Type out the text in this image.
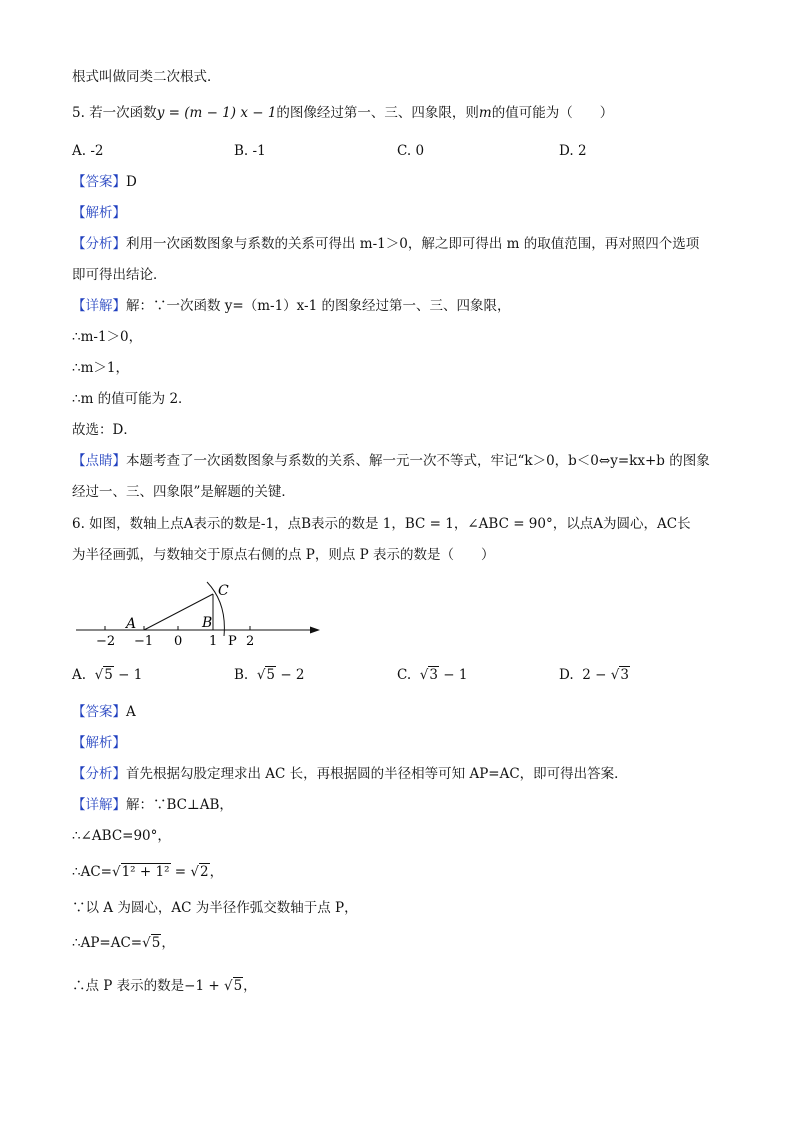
根式叫做同类二次根式．
5. 若一次函数y = (m − 1) x − 1的图像经过第一、三、四象限，则m的值可能为（　　）
A. -2	B. -1	C. 0	D. 2
【答案】D
【解析】
【分析】利用一次函数图象与系数的关系可得出 m-1＞0，解之即可得出 m 的取值范围，再对照四个选项
即可得出结论．
【详解】解：∵一次函数 y=（m-1）x-1 的图象经过第一、三、四象限，
∴m-1＞0，
∴m＞1，
∴m 的值可能为 2．
故选：D．
【点睛】本题考查了一次函数图象与系数的关系、解一元一次不等式，牢记“k＞0，b＜0⇔y=kx+b 的图象
经过一、三、四象限”是解题的关键．
6. 如图，数轴上点A表示的数是-1，点B表示的数是 1，BC = 1，∠ABC = 90°，以点A为圆心，AC长
为半径画弧，与数轴交于原点右侧的点 P，则点 P 表示的数是（　　）
−2 −1 0 1 2
A	B
C
P
A. √5 − 1	B. √5 − 2	C. √3 − 1	D. 2 − √3
【答案】A
【解析】
【分析】首先根据勾股定理求出 AC 长，再根据圆的半径相等可知 AP=AC，即可得出答案．
【详解】解：∵BC⊥AB，
∴∠ABC=90°，
∴AC=√1² + 1² = √2，
∵以 A 为圆心，AC 为半径作弧交数轴于点 P，
∴AP=AC=√5，
∴点 P 表示的数是−1 + √5，
